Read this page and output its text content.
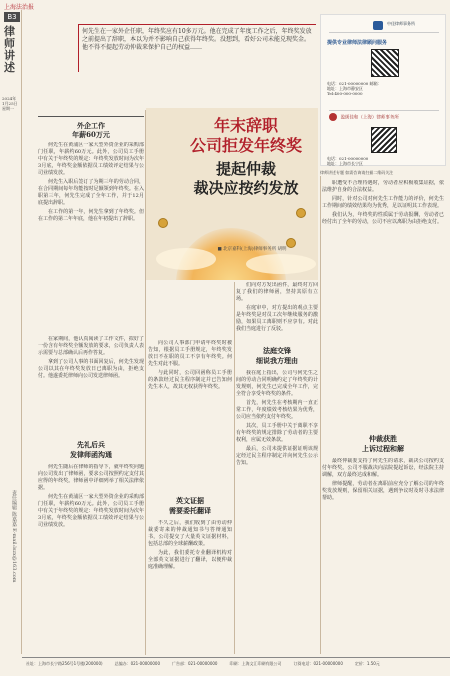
上海法治报
B3
律师讲述
2024年
1月25日
星期一
责任编辑 陈嘉嘉 E-mail:lszx@163.com
何先生在一家外企任职，年终奖应有10多万元。他在完成了年度工作之后，年终奖发放之前提出了辞职，本以为并不影响自己获得年终奖。没想到，看好公司未能兑现奖金。他不得不提起劳动仲裁来保护自己的权益……
中佳律师事务所
提供专业律师法律顾问服务
电话：021-00000000 邮箱：
地址：上海市静安区
Tel:400-000-0000
盈颂佳和（上海）律师事务所
电话：021-00000000
地址：上海市长宁区
律师讲述专题 如需咨询请扫描二维码关注
年末辞职
公司拒发年终奖
提起仲裁
裁决应按约发放
■ 北京嘉科(上海)律师事务所 胡明
外企工作
年薪60万元

何先生在黄浦区一家大型外资企业的采购部门任职，年薪约60万元。此外，公司员工手册中有关于年终奖的规定：年终奖发放时间为次年3月底，年终奖金额依据员工绩效评定结果与公司业绩发放。

何先生入职后签订了为期三年的劳动合同，在合同期间每年均能按时足额领到年终奖。在入职第三年，何先生完成了全年工作，并于12月底提出辞职。

在工作的第一年，何先生拿到了年终奖。但在工作的第二年年底，他在年初提出了辞职。

在家期间，他认真阅读了工作文件，拟好了一份含有年终奖全额发放的要求，公司负责人表示需要与总部确认后再作答复。

拿到了公司人事的书面回复后，何先生发现公司以其在年终奖发放日已离职为由，拒绝支付。他遂委托律师向公司发送律师函。

先礼后兵
发律师函沟通

何先生随后在律师的指导下，就年终奖问题向公司发出了律师函，要求公司按照约定支付其应得的年终奖。律师函中详细列举了相关法律依据。

何先生在黄浦区一家大型外资企业的采购部门任职，年薪约60万元。此外，公司员工手册中有关于年终奖的规定：年终奖发放时间为次年3月底，年终奖金额依据员工绩效评定结果与公司业绩发放。

向公司人事部门申请年终奖时被告知，根据员工手册规定，年终奖发放日不在职的员工不享有年终奖。何先生对此不服。

与此同时，公司回函称员工手册的条款经过民主程序制定并已告知何先生本人，故其无权获得年终奖。

英文证据
需要委托翻译

不久之后，我们收到了由劳动仲裁委寄来的仲裁通知书与答辩通知书，公司提交了大量英文证据材料，包括总部的全球薪酬政策。

为此，我们委托专业翻译机构对全部英文证据进行了翻译，以便仲裁庭准确理解。

们向对方发出函件，最终对方回复了我们的律师函，坚持其原有立场。

在庭审中，对方提出的观点主要是年终奖是对员工次年继续服务的激励，如果员工离职则不应享有。对此我们当庭进行了反驳。

法庭交锋
细说我方理由

我在庭上指出，公司与何先生之间的劳动合同明确约定了年终奖的计发规则，何先生已完成全年工作，完全符合享受年终奖的条件。

首先，何先生在考核期内一直正常工作，年度绩效考核结果为优秀，公司应当依约支付年终奖。

其次，员工手册中关于离职不享有年终奖的规定排除了劳动者的主要权利，应属无效条款。

最后，公司未提供证据证明该规定经过民主程序制定并向何先生公示告知。

职遭受不合理待遇时，劳动者应积极收集证据，依法维护自身的合法权益。

同时，针对公司对何先生工作能力的评价，何先生工作期间的绩效结果均为优秀，足以证明其工作表现。

我们认为，年终奖的性质属于劳动报酬，劳动者已经付出了全年的劳动，公司不应以离职为由拒绝支付。

仲裁获胜
上诉过程和解

最终仲裁委支持了何先生的请求，裁决公司按约支付年终奖。公司不服裁决向法院提起诉讼，经法院主持调解，双方最终达成和解。

律师提醒，劳动者在离职前应充分了解公司的年终奖发放规则，保留相关证据，遇到争议时及时寻求法律帮助。

社址：上海市长宁路256号1号楼(200000)	总编办：021-00000000	广告部：021-00000000	印刷：上海文汇印刷有限公司	订阅电话：021-00000000	定价：1.50元
